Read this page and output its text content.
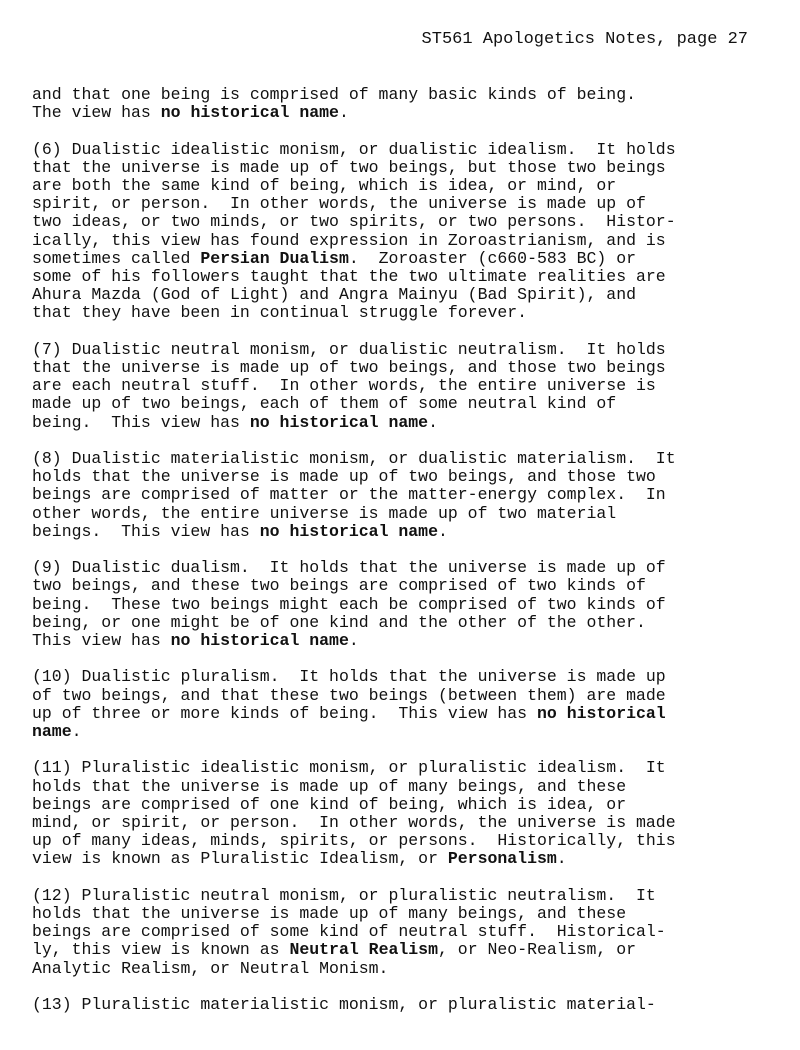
ST561 Apologetics Notes, page 27
and that one being is comprised of many basic kinds of being.
The view has no historical name.
(6) Dualistic idealistic monism, or dualistic idealism.  It holds
that the universe is made up of two beings, but those two beings
are both the same kind of being, which is idea, or mind, or
spirit, or person.  In other words, the universe is made up of
two ideas, or two minds, or two spirits, or two persons.  Histor-
ically, this view has found expression in Zoroastrianism, and is
sometimes called Persian Dualism.  Zoroaster (c660-583 BC) or
some of his followers taught that the two ultimate realities are
Ahura Mazda (God of Light) and Angra Mainyu (Bad Spirit), and
that they have been in continual struggle forever.
(7) Dualistic neutral monism, or dualistic neutralism.  It holds
that the universe is made up of two beings, and those two beings
are each neutral stuff.  In other words, the entire universe is
made up of two beings, each of them of some neutral kind of
being.  This view has no historical name.
(8) Dualistic materialistic monism, or dualistic materialism.  It
holds that the universe is made up of two beings, and those two
beings are comprised of matter or the matter-energy complex.  In
other words, the entire universe is made up of two material
beings.  This view has no historical name.
(9) Dualistic dualism.  It holds that the universe is made up of
two beings, and these two beings are comprised of two kinds of
being.  These two beings might each be comprised of two kinds of
being, or one might be of one kind and the other of the other.
This view has no historical name.
(10) Dualistic pluralism.  It holds that the universe is made up
of two beings, and that these two beings (between them) are made
up of three or more kinds of being.  This view has no historical
name.
(11) Pluralistic idealistic monism, or pluralistic idealism.  It
holds that the universe is made up of many beings, and these
beings are comprised of one kind of being, which is idea, or
mind, or spirit, or person.  In other words, the universe is made
up of many ideas, minds, spirits, or persons.  Historically, this
view is known as Pluralistic Idealism, or Personalism.
(12) Pluralistic neutral monism, or pluralistic neutralism.  It
holds that the universe is made up of many beings, and these
beings are comprised of some kind of neutral stuff.  Historical-
ly, this view is known as Neutral Realism, or Neo-Realism, or
Analytic Realism, or Neutral Monism.
(13) Pluralistic materialistic monism, or pluralistic material-
